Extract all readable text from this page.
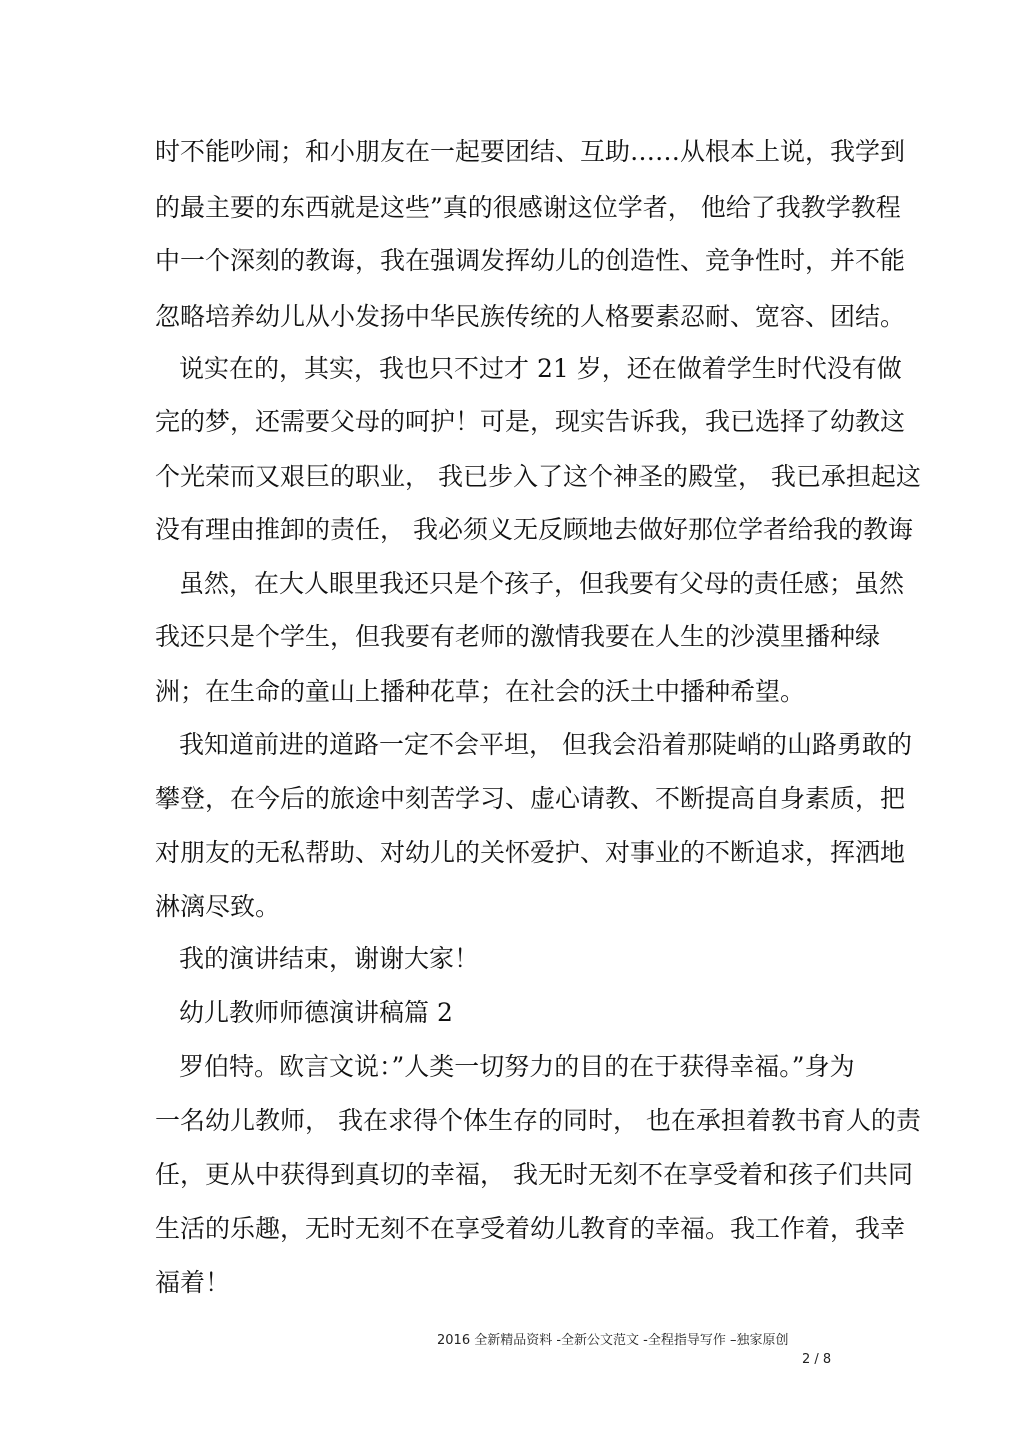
时不能吵闹；和小朋友在一起要团结、互助……从根本上说，我学到
的最主要的东西就是这些”真的很感谢这位学者， 他给了我教学教程
中一个深刻的教诲，我在强调发挥幼儿的创造性、竞争性时，并不能
忽略培养幼儿从小发扬中华民族传统的人格要素忍耐、宽容、团结。
说实在的，其实，我也只不过才 21 岁，还在做着学生时代没有做
完的梦，还需要父母的呵护！可是，现实告诉我，我已选择了幼教这
个光荣而又艰巨的职业， 我已步入了这个神圣的殿堂， 我已承担起这
没有理由推卸的责任， 我必须义无反顾地去做好那位学者给我的教诲
虽然，在大人眼里我还只是个孩子，但我要有父母的责任感；虽然
我还只是个学生，但我要有老师的激情我要在人生的沙漠里播种绿
洲；在生命的童山上播种花草；在社会的沃土中播种希望。
我知道前进的道路一定不会平坦， 但我会沿着那陡峭的山路勇敢的
攀登，在今后的旅途中刻苦学习、虚心请教、不断提高自身素质，把
对朋友的无私帮助、对幼儿的关怀爱护、对事业的不断追求，挥洒地
淋漓尽致。
我的演讲结束，谢谢大家！
幼儿教师师德演讲稿篇 2
罗伯特。欧言文说：”人类一切努力的目的在于获得幸福。”身为
一名幼儿教师， 我在求得个体生存的同时， 也在承担着教书育人的责
任，更从中获得到真切的幸福， 我无时无刻不在享受着和孩子们共同
生活的乐趣，无时无刻不在享受着幼儿教育的幸福。我工作着，我幸
福着！
2016 全新精品资料 -全新公文范文 -全程指导写作 –独家原创
2 / 8
